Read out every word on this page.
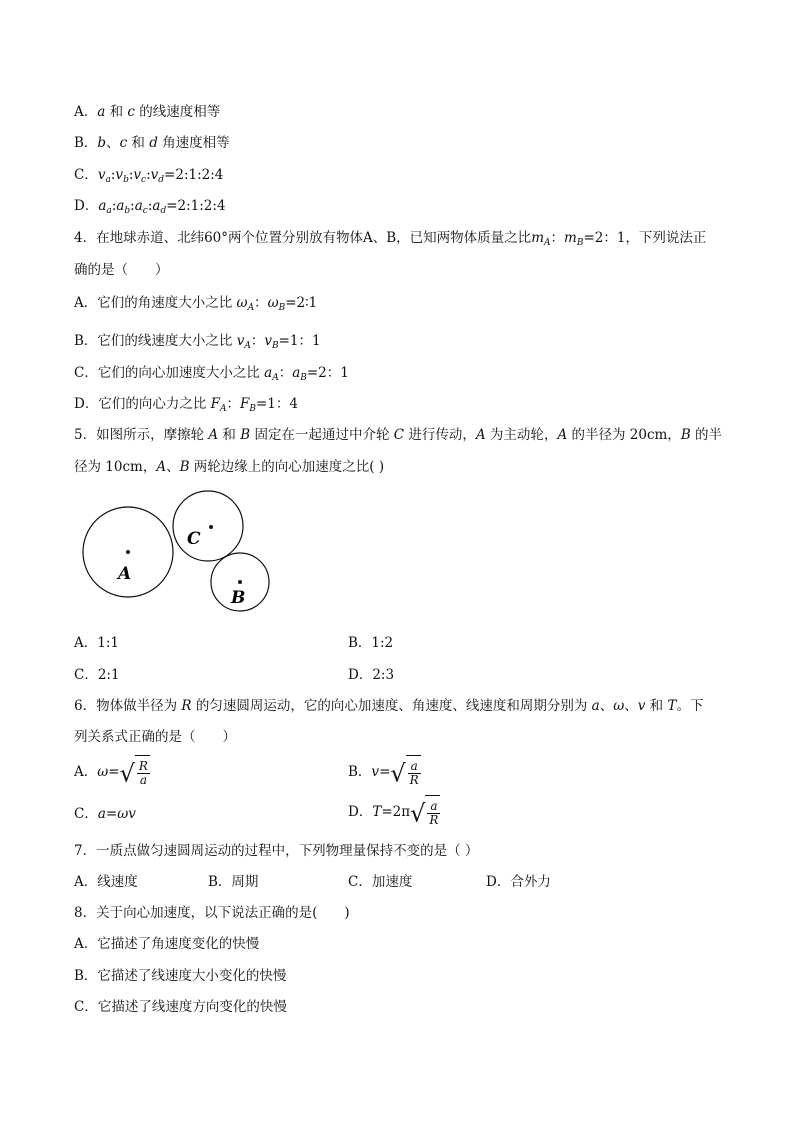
A．a 和 c 的线速度相等
B．b、c 和 d 角速度相等
C．$v_a:v_b:v_c:v_d=2:1:2:4$
D．$a_a:a_b:a_c:a_d=2:1:2:4$
4．在地球赤道、北纬60°两个位置分别放有物体A、B，已知两物体质量之比$m_A$：$m_B=2$：1，下列说法正
确的是（　　）
A．它们的角速度大小之比 $\omega_A$：$\omega_B=2∶1$
B．它们的线速度大小之比 $v_A$：$v_B=1$：1
C．它们的向心加速度大小之比 $a_A$：$a_B=2$：1
D．它们的向心力之比 $F_A$：$F_B=1$：4
5．如图所示，摩擦轮 A 和 B 固定在一起通过中介轮 C 进行传动，A 为主动轮，A 的半径为 20cm，B 的半
径为 10cm，A、B 两轮边缘上的向心加速度之比( )
A
C
B
A．1:1	B．1:2
C．2:1	D．2:3
6．物体做半径为 R 的匀速圆周运动，它的向心加速度、角速度、线速度和周期分别为 a、ω、v 和 T。下
列关系式正确的是（　　）
A．$\omega=√ \frac{R}{a}$	B．$v=√ \frac{a}{R}$
C．a=ωv	D．$T=2\pi√ \frac{a}{R}$
7．一质点做匀速圆周运动的过程中，下列物理量保持不变的是（ ）
A．线速度	B．周期	C．加速度	D．合外力
8．关于向心加速度，以下说法正确的是(　　)
A．它描述了角速度变化的快慢
B．它描述了线速度大小变化的快慢
C．它描述了线速度方向变化的快慢
